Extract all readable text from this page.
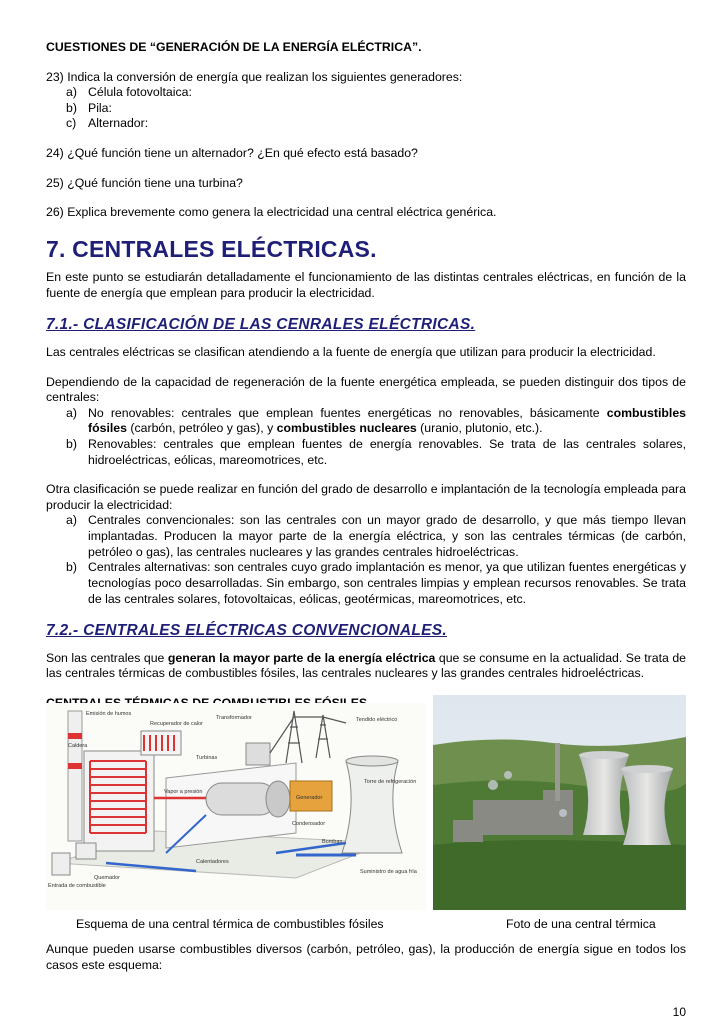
CUESTIONES DE “GENERACIÓN DE LA ENERGÍA ELÉCTRICA”.

23) Indica la conversión de energía que realizan los siguientes generadores:

a) Célula fotovoltaica:
b) Pila:
c) Alternador:

24) ¿Qué función tiene un alternador? ¿En qué efecto está basado?

25) ¿Qué función tiene una turbina?

26) Explica brevemente como genera la electricidad una central eléctrica genérica.

7. CENTRALES ELÉCTRICAS.

En este punto se estudiarán detalladamente el funcionamiento de las distintas centrales eléctricas, en función de la fuente de energía que emplean para producir la electricidad.

7.1.- CLASIFICACIÓN DE LAS CENRALES ELÉCTRICAS.

Las centrales eléctricas se clasifican atendiendo a la fuente de energía que utilizan para producir la electricidad.

Dependiendo de la capacidad de regeneración de la fuente energética empleada, se pueden distinguir dos tipos de centrales:

a) No renovables: centrales que emplean fuentes energéticas no renovables, básicamente combustibles fósiles (carbón, petróleo y gas), y combustibles nucleares (uranio, plutonio, etc.).
b) Renovables: centrales que emplean fuentes de energía renovables. Se trata de las centrales solares, hidroeléctricas, eólicas, mareomotrices, etc.

Otra clasificación se puede realizar en función del grado de desarrollo e implantación de la tecnología empleada para producir la electricidad:

a) Centrales convencionales: son las centrales con un mayor grado de desarrollo, y que más tiempo llevan implantadas. Producen la mayor parte de la energía eléctrica, y son las centrales térmicas (de carbón, petróleo o gas), las centrales nucleares y las grandes centrales hidroeléctricas.
b) Centrales alternativas: son centrales cuyo grado implantación es menor, ya que utilizan fuentes energéticas y tecnologías poco desarrolladas. Sin embargo, son centrales limpias y emplean recursos renovables. Se trata de las centrales solares, fotovoltaicas, eólicas, geotérmicas, mareomotrices, etc.
7.2.- CENTRALES ELÉCTRICAS CONVENCIONALES.

Son las centrales que generan la mayor parte de la energía eléctrica que se consume en la actualidad. Se trata de las centrales térmicas de combustibles fósiles, las centrales nucleares y las grandes centrales hidroeléctricas.

Emisión de humos
Recuperador de calor
Transformador	Tendido eléctrico
Caldera
Turbinas
Vapor a presión
Torre de refrigeración
Generador
Condensador
Calentadores
Bombas
Quemador
Entrada de combustible
Suministro de agua fría
Esquema de una central térmica de combustibles fósiles	Foto de una central térmica

Aunque pueden usarse combustibles diversos (carbón, petróleo, gas), la producción de energía sigue en todos los casos este esquema:

10
